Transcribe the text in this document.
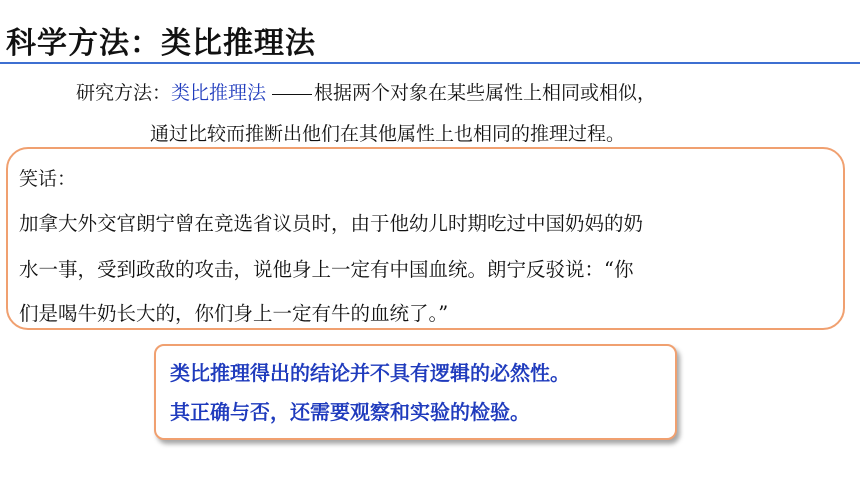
科学方法：类比推理法
研究方法：类比推理法	根据两个对象在某些属性上相同或相似，
通过比较而推断出他们在其他属性上也相同的推理过程。
笑话：
加拿大外交官朗宁曾在竞选省议员时，由于他幼儿时期吃过中国奶妈的奶
水一事，受到政敌的攻击，说他身上一定有中国血统。朗宁反驳说：“你
们是喝牛奶长大的，你们身上一定有牛的血统了。”
类比推理得出的结论并不具有逻辑的必然性。
其正确与否，还需要观察和实验的检验。
